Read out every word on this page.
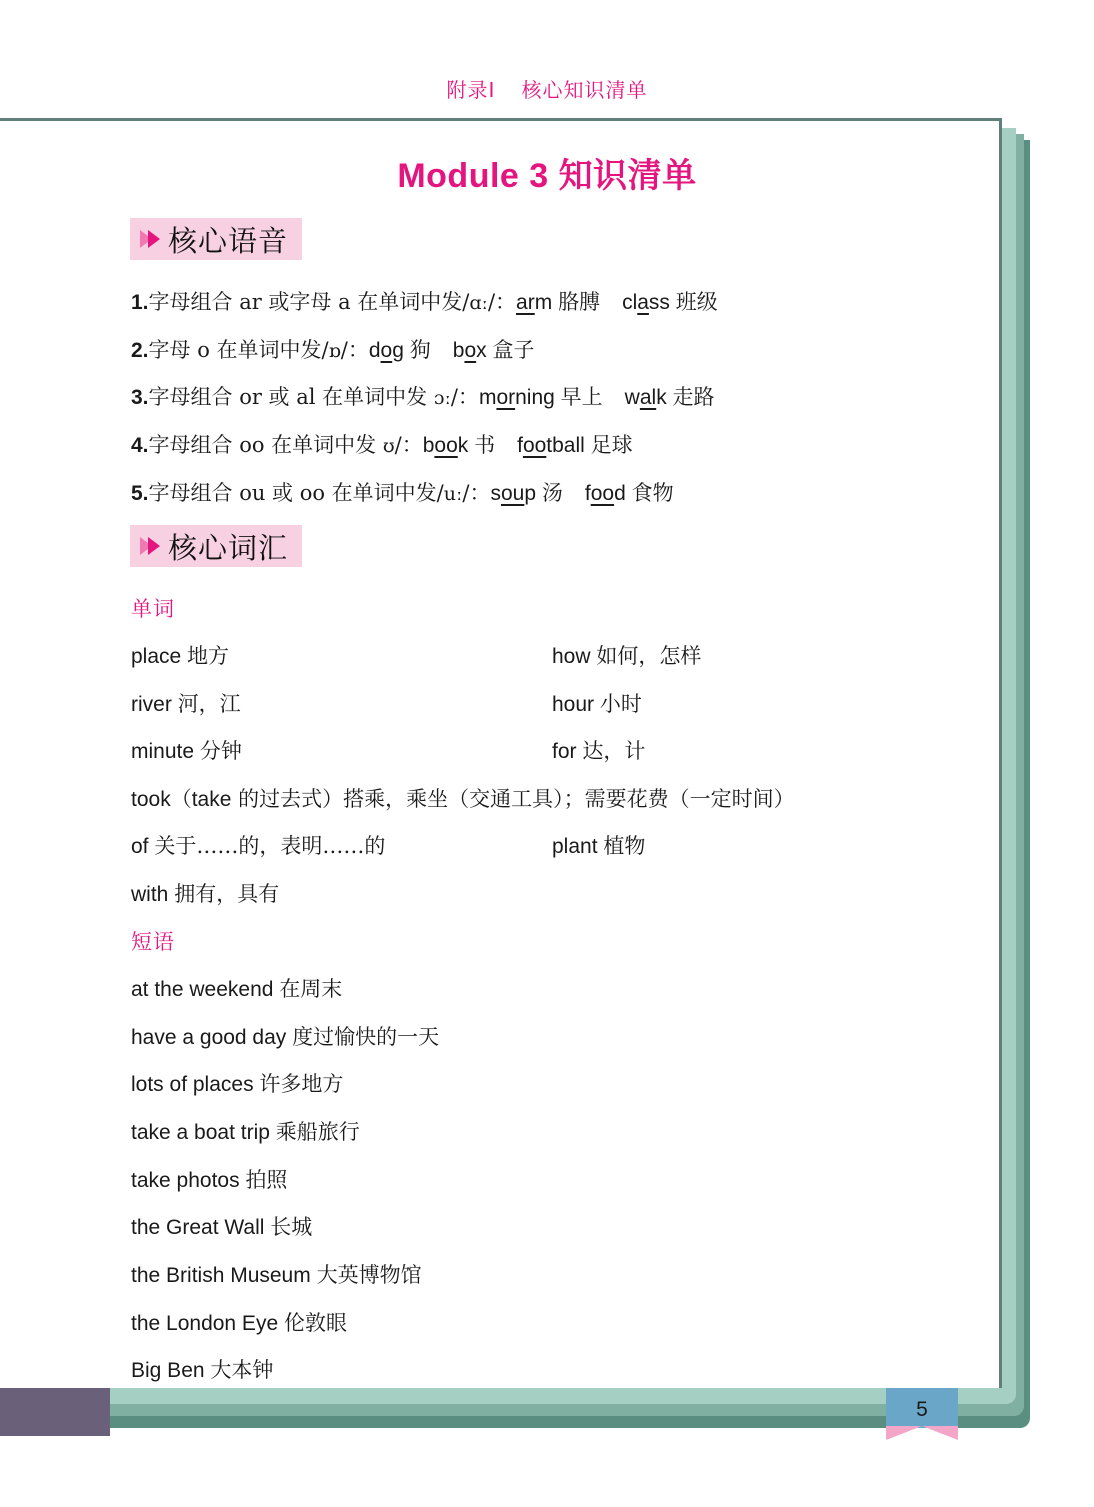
附录Ⅰ 核心知识清单
Module 3 知识清单
核心语音
1.字母组合 ar 或字母 a 在单词中发/ɑː/：arm 胳膊 class 班级
2.字母 o 在单词中发/ɒ/：dog 狗 box 盒子
3.字母组合 or 或 al 在单词中发 ɔː/：morning 早上 walk 走路
4.字母组合 oo 在单词中发 ʊ/：book 书 football 足球
5.字母组合 ou 或 oo 在单词中发/uː/：soup 汤 food 食物
核心词汇
单词
place 地方	how 如何，怎样
river 河，江	hour 小时
minute 分钟	for 达，计
took（take 的过去式）搭乘，乘坐（交通工具）；需要花费（一定时间）
of 关于……的，表明……的	plant 植物
with 拥有，具有
短语
at the weekend 在周末
have a good day 度过愉快的一天
lots of places 许多地方
take a boat trip 乘船旅行
take photos 拍照
the Great Wall 长城
the British Museum 大英博物馆
the London Eye 伦敦眼
Big Ben 大本钟
5
